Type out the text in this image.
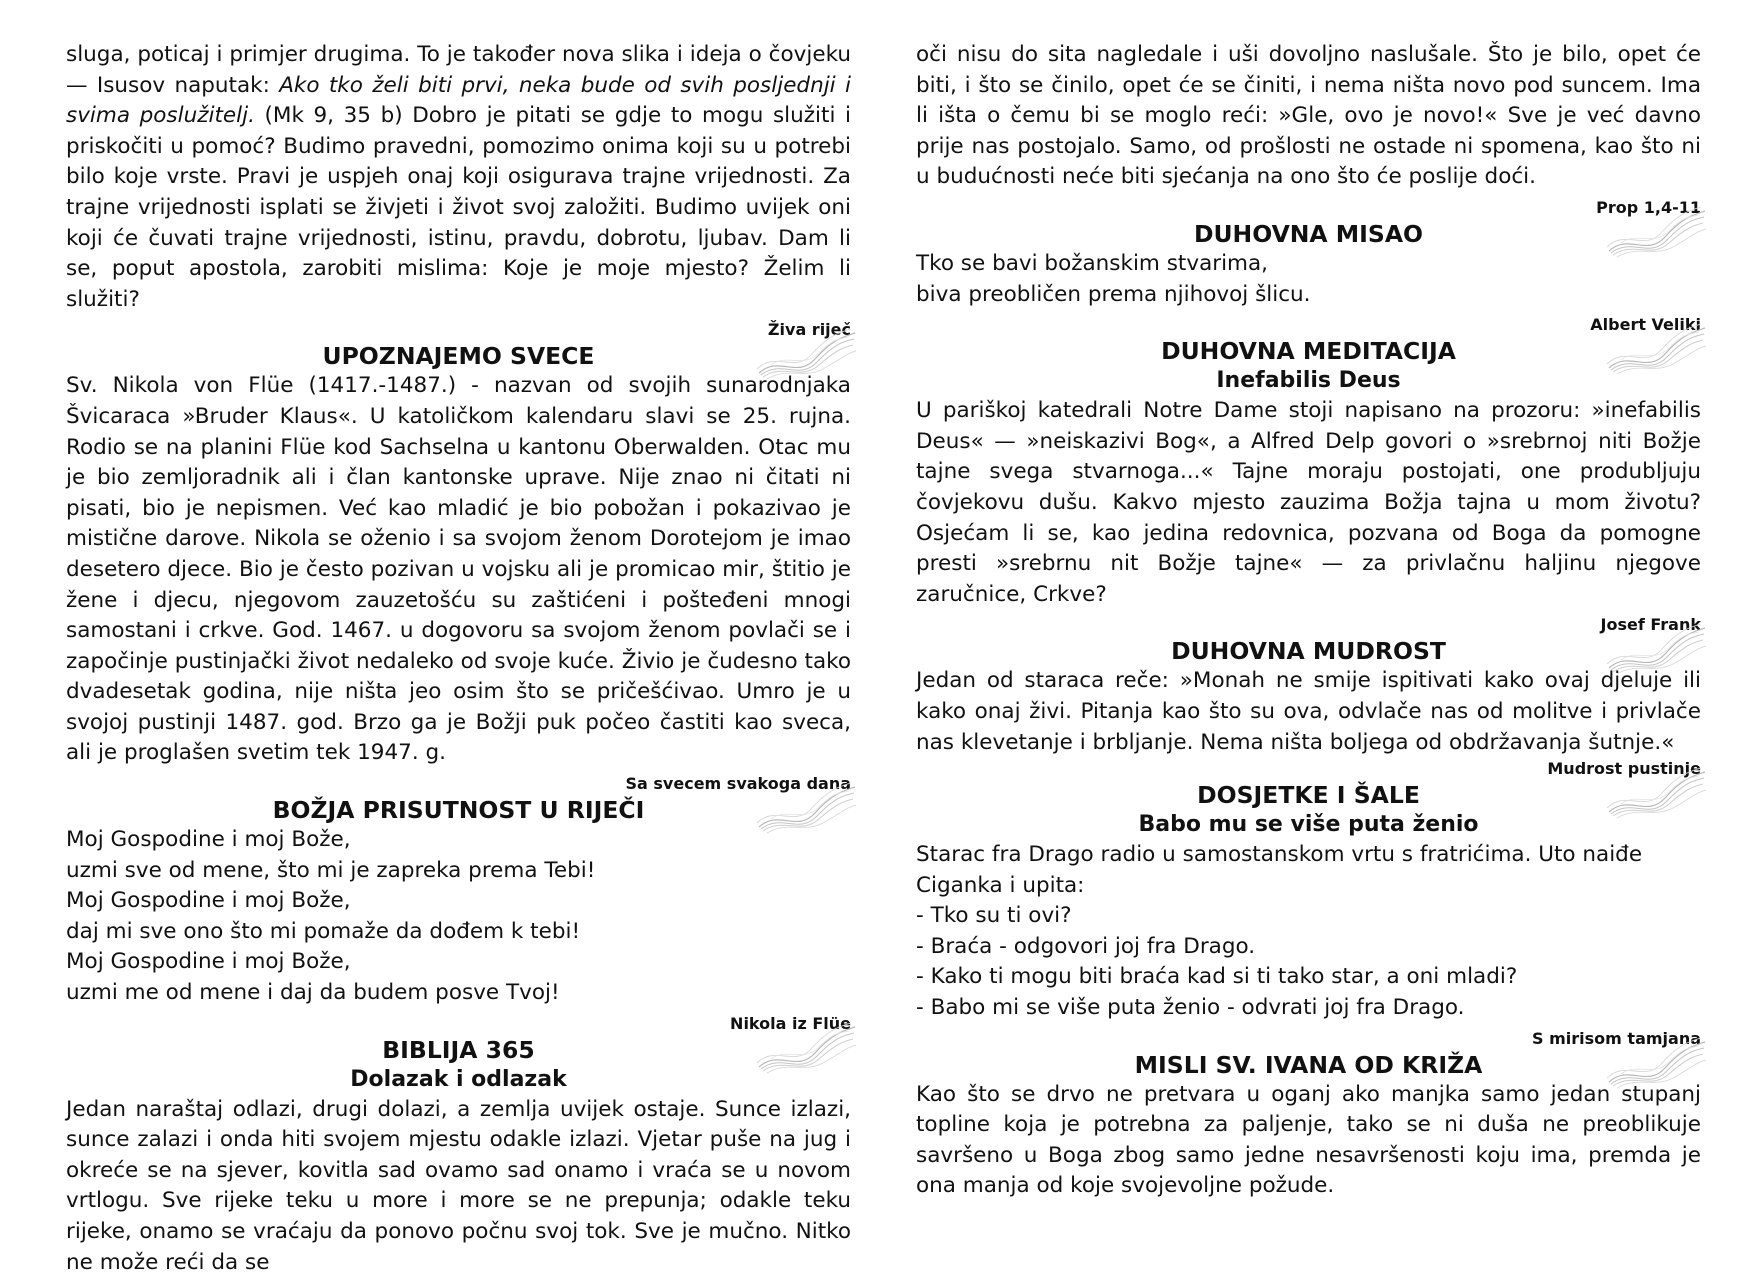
sluga, poticaj i primjer drugima. To je također nova slika i ideja o čovjeku — Isusov naputak: Ako tko želi biti prvi, neka bude od svih posljednji i svima poslužitelj. (Mk 9, 35 b) Dobro je pitati se gdje to mogu služiti i priskočiti u pomoć? Budimo pravedni, pomozimo onima koji su u potrebi bilo koje vrste. Pravi je uspjeh onaj koji osigurava trajne vrijednosti. Za trajne vrijednosti isplati se živjeti i život svoj založiti. Budimo uvijek oni koji će čuvati trajne vrijednosti, istinu, pravdu, dobrotu, ljubav. Dam li se, poput apostola, zarobiti mislima: Koje je moje mjesto? Želim li služiti?

Živa riječ
UPOZNAJEMO SVECE

Sv. Nikola von Flüe (1417.-1487.) - nazvan od svojih sunarodnjaka Švicaraca »Bruder Klaus«. U katoličkom kalendaru slavi se 25. rujna. Rodio se na planini Flüe kod Sachselna u kantonu Oberwalden. Otac mu je bio zemljoradnik ali i član kantonske uprave. Nije znao ni čitati ni pisati, bio je nepismen. Već kao mladić je bio pobožan i pokazivao je mistične darove. Nikola se oženio i sa svojom ženom Dorotejom je imao desetero djece. Bio je često pozivan u vojsku ali je promicao mir, štitio je žene i djecu, njegovom zauzetošću su zaštićeni i pošteđeni mnogi samostani i crkve. God. 1467. u dogovoru sa svojom ženom povlači se i započinje pustinjački život nedaleko od svoje kuće. Živio je čudesno tako dvadesetak godina, nije ništa jeo osim što se pričešćivao. Umro je u svojoj pustinji 1487. god. Brzo ga je Božji puk počeo častiti kao sveca, ali je proglašen svetim tek 1947. g.

Sa svecem svakoga dana
BOŽJA PRISUTNOST U RIJEČI

Moj Gospodine i moj Bože,

uzmi sve od mene, što mi je zapreka prema Tebi!

Moj Gospodine i moj Bože,

daj mi sve ono što mi pomaže da dođem k tebi!

Moj Gospodine i moj Bože,

uzmi me od mene i daj da budem posve Tvoj!

Nikola iz Flüe
BIBLIJA 365
Dolazak i odlazak

Jedan naraštaj odlazi, drugi dolazi, a zemlja uvijek ostaje. Sunce izlazi, sunce zalazi i onda hiti svojem mjestu odakle izlazi. Vjetar puše na jug i okreće se na sjever, kovitla sad ovamo sad onamo i vraća se u novom vrtlogu. Sve rijeke teku u more i more se ne prepunja; odakle teku rijeke, onamo se vraćaju da ponovo počnu svoj tok. Sve je mučno. Nitko ne može reći da se

oči nisu do sita nagledale i uši dovoljno naslušale. Što je bilo, opet će biti, i što se činilo, opet će se činiti, i nema ništa novo pod suncem. Ima li išta o čemu bi se moglo reći: »Gle, ovo je novo!« Sve je već davno prije nas postojalo. Samo, od prošlosti ne ostade ni spomena, kao što ni u budućnosti neće biti sjećanja na ono što će poslije doći.

Prop 1,4-11
DUHOVNA MISAO

Tko se bavi božanskim stvarima,

biva preobličen prema njihovoj šlicu.

Albert Veliki
DUHOVNA MEDITACIJA
Inefabilis Deus

U pariškoj katedrali Notre Dame stoji napisano na prozoru: »inefabilis Deus« — »neiskazivi Bog«, a Alfred Delp govori o »srebrnoj niti Božje tajne svega stvarnoga...« Tajne moraju postojati, one produbljuju čovjekovu dušu. Kakvo mjesto zauzima Božja tajna u mom životu? Osjećam li se, kao jedina redovnica, pozvana od Boga da pomogne presti »srebrnu nit Božje tajne« — za privlačnu haljinu njegove zaručnice, Crkve?

Josef Frank
DUHOVNA MUDROST

Jedan od staraca reče: »Monah ne smije ispitivati kako ovaj djeluje ili kako onaj živi. Pitanja kao što su ova, odvlače nas od molitve i privlače nas klevetanje i brbljanje. Nema ništa boljega od obdržavanja šutnje.«

Mudrost pustinje
DOSJETKE I ŠALE
Babo mu se više puta ženio

Starac fra Drago radio u samostanskom vrtu s fratrićima. Uto naiđe Ciganka i upita:

- Tko su ti ovi?

- Braća - odgovori joj fra Drago.

- Kako ti mogu biti braća kad si ti tako star, a oni mladi?

- Babo mi se više puta ženio - odvrati joj fra Drago.

S mirisom tamjana
MISLI SV. IVANA OD KRIŽA

Kao što se drvo ne pretvara u oganj ako manjka samo jedan stupanj topline koja je potrebna za paljenje, tako se ni duša ne preoblikuje savršeno u Boga zbog samo jedne nesavršenosti koju ima, premda je ona manja od koje svojevoljne požude.
